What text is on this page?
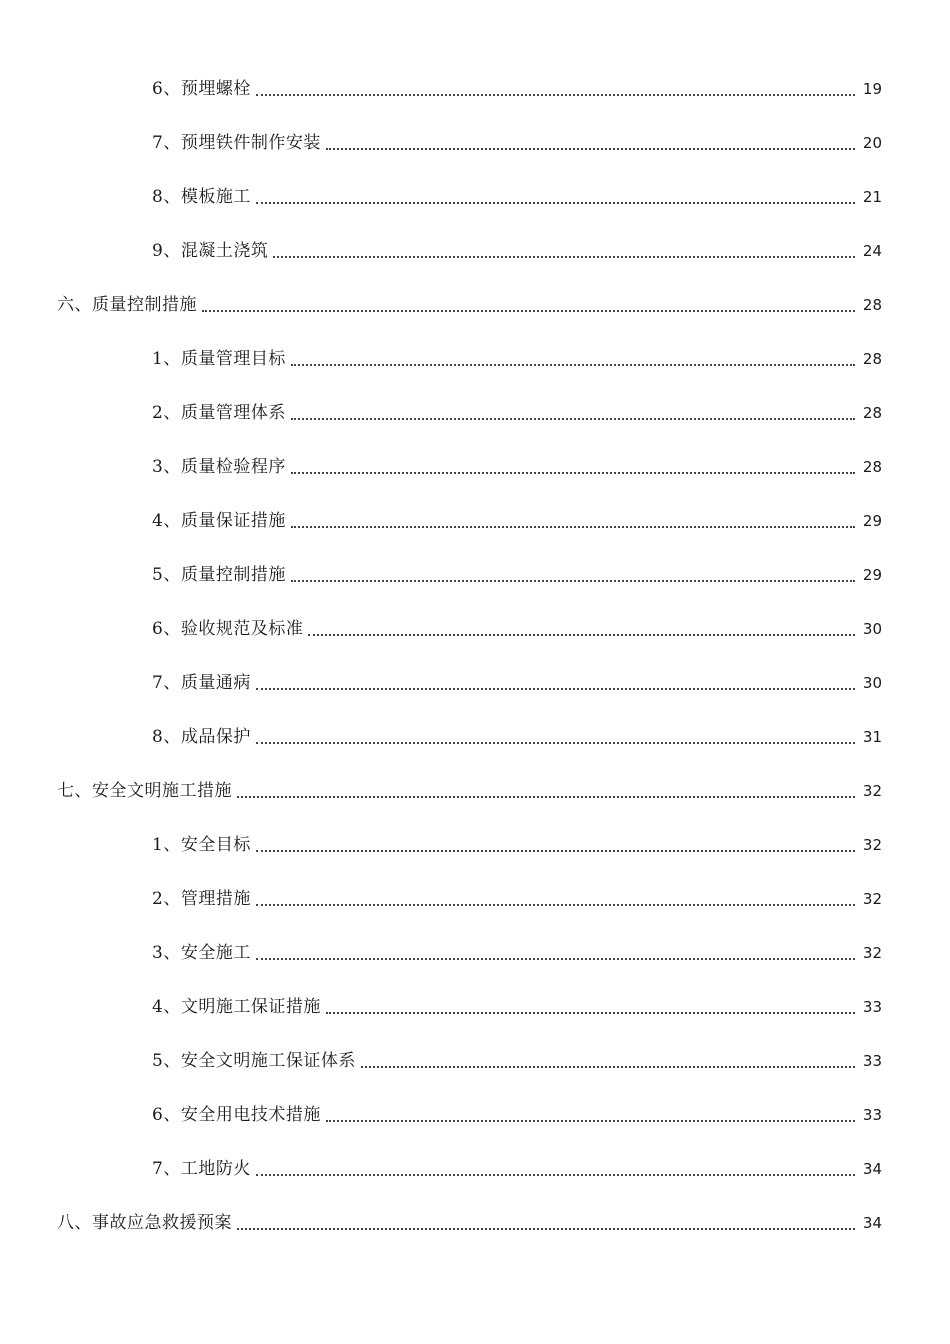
6、预埋螺栓	19
7、预埋铁件制作安装	20
8、模板施工	21
9、混凝土浇筑	24
六、质量控制措施	28
1、质量管理目标	28
2、质量管理体系	28
3、质量检验程序	28
4、质量保证措施	29
5、质量控制措施	29
6、验收规范及标准	30
7、质量通病	30
8、成品保护	31
七、安全文明施工措施	32
1、安全目标	32
2、管理措施	32
3、安全施工	32
4、文明施工保证措施	33
5、安全文明施工保证体系	33
6、安全用电技术措施	33
7、工地防火	34
八、事故应急救援预案	34
